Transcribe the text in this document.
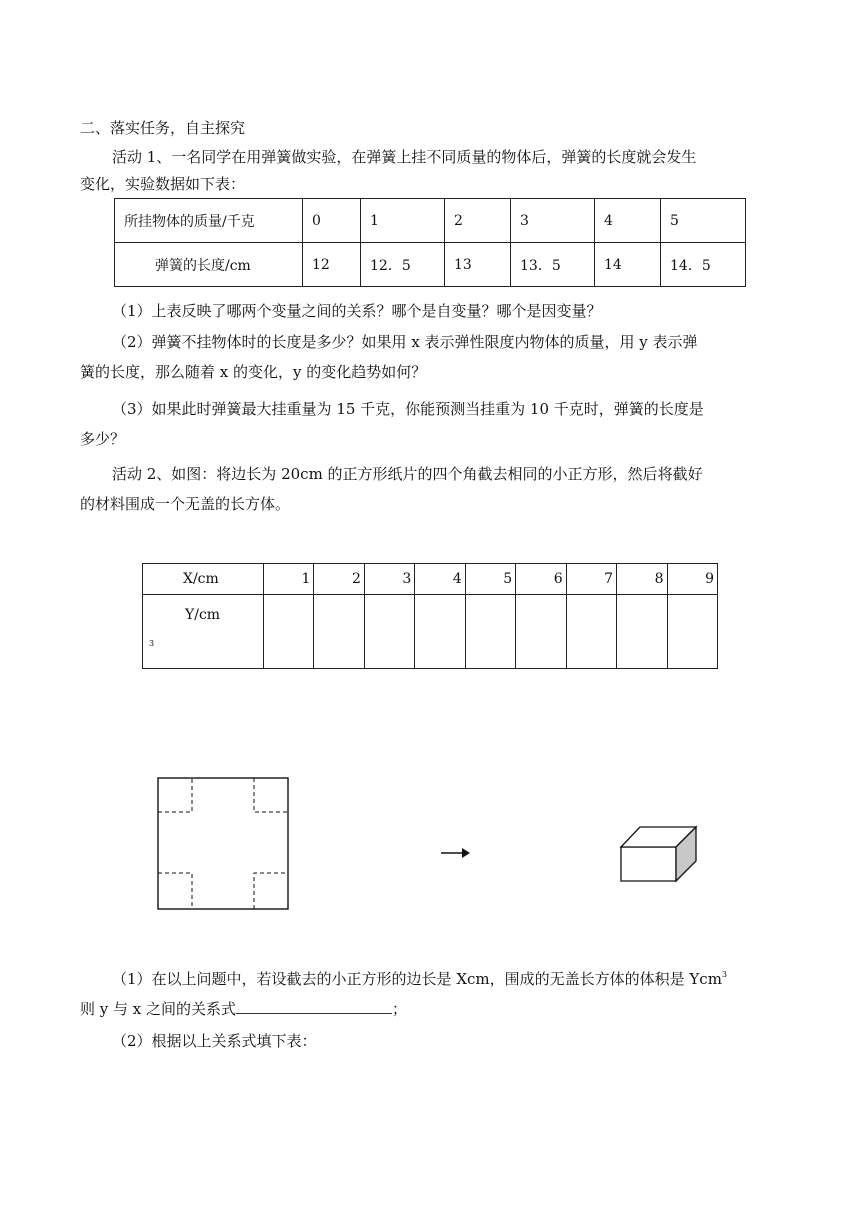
二、落实任务，自主探究
活动 1、一名同学在用弹簧做实验，在弹簧上挂不同质量的物体后，弹簧的长度就会发生
变化，实验数据如下表：
所挂物体的质量/千克	0	1	2	3	4	5
弹簧的长度/cm	12	12．5	13	13．5	14	14．5
（1）上表反映了哪两个变量之间的关系？哪个是自变量？哪个是因变量？
（2）弹簧不挂物体时的长度是多少？如果用 x 表示弹性限度内物体的质量，用 y 表示弹
簧的长度，那么随着 x 的变化，y 的变化趋势如何？
（3）如果此时弹簧最大挂重量为 15 千克，你能预测当挂重为 10 千克时，弹簧的长度是
多少？
活动 2、如图：将边长为 20cm 的正方形纸片的四个角截去相同的小正方形，然后将截好
的材料围成一个无盖的长方体。
X/cm	1	2	3	4	5	6	7	8	9

Y/cm
3									

（1）在以上问题中，若设截去的小正方形的边长是 Xcm，围成的无盖长方体的体积是 Ycm$^3$
则 y 与 x 之间的关系式	；
（2）根据以上关系式填下表：
